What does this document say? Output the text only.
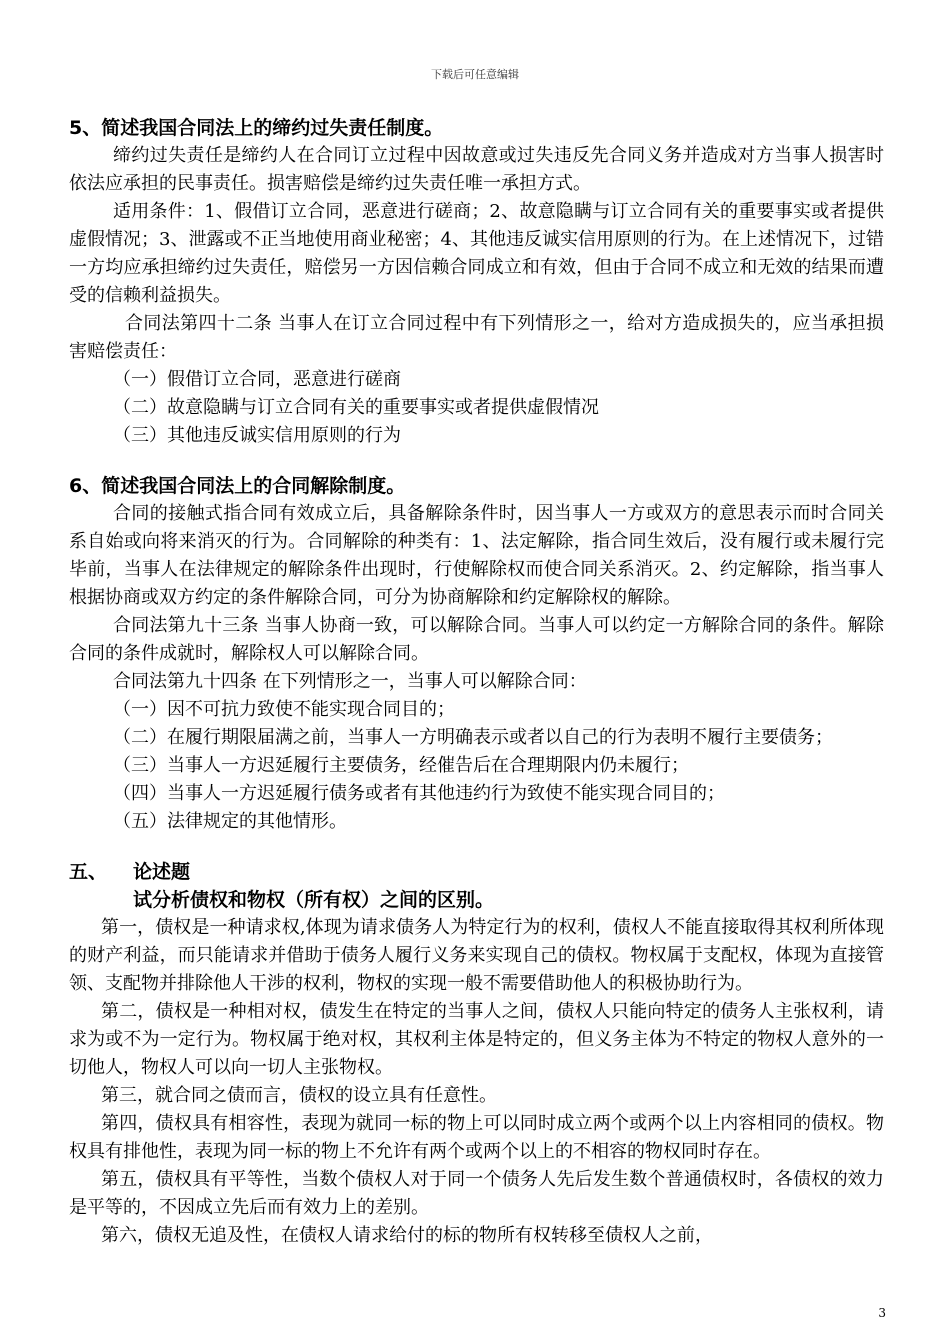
下载后可任意编辑
5、简述我国合同法上的缔约过失责任制度。

缔约过失责任是缔约人在合同订立过程中因故意或过失违反先合同义务并造成对方当事人损害时依法应承担的民事责任。损害赔偿是缔约过失责任唯一承担方式。

适用条件：1、假借订立合同，恶意进行磋商；2、故意隐瞒与订立合同有关的重要事实或者提供虚假情况；3、泄露或不正当地使用商业秘密；4、其他违反诚实信用原则的行为。在上述情况下，过错一方均应承担缔约过失责任，赔偿另一方因信赖合同成立和有效，但由于合同不成立和无效的结果而遭受的信赖利益损失。

合同法第四十二条 当事人在订立合同过程中有下列情形之一，给对方造成损失的，应当承担损害赔偿责任：

（一）假借订立合同，恶意进行磋商

（二）故意隐瞒与订立合同有关的重要事实或者提供虚假情况

（三）其他违反诚实信用原则的行为

6、简述我国合同法上的合同解除制度。

合同的接触式指合同有效成立后，具备解除条件时，因当事人一方或双方的意思表示而时合同关系自始或向将来消灭的行为。合同解除的种类有：1、法定解除，指合同生效后，没有履行或未履行完毕前，当事人在法律规定的解除条件出现时，行使解除权而使合同关系消灭。2、约定解除，指当事人根据协商或双方约定的条件解除合同，可分为协商解除和约定解除权的解除。

合同法第九十三条 当事人协商一致，可以解除合同。当事人可以约定一方解除合同的条件。解除合同的条件成就时，解除权人可以解除合同。

合同法第九十四条 在下列情形之一，当事人可以解除合同：

（一）因不可抗力致使不能实现合同目的；

（二）在履行期限届满之前，当事人一方明确表示或者以自己的行为表明不履行主要债务；

（三）当事人一方迟延履行主要债务，经催告后在合理期限内仍未履行；

（四）当事人一方迟延履行债务或者有其他违约行为致使不能实现合同目的；

（五）法律规定的其他情形。

五、 论述题
试分析债权和物权（所有权）之间的区别。

第一，债权是一种请求权,体现为请求债务人为特定行为的权利，债权人不能直接取得其权利所体现的财产利益，而只能请求并借助于债务人履行义务来实现自己的债权。物权属于支配权，体现为直接管领、支配物并排除他人干涉的权利，物权的实现一般不需要借助他人的积极协助行为。

第二，债权是一种相对权，债发生在特定的当事人之间，债权人只能向特定的债务人主张权利，请求为或不为一定行为。物权属于绝对权，其权利主体是特定的，但义务主体为不特定的物权人意外的一切他人，物权人可以向一切人主张物权。

第三，就合同之债而言，债权的设立具有任意性。

第四，债权具有相容性，表现为就同一标的物上可以同时成立两个或两个以上内容相同的债权。物权具有排他性，表现为同一标的物上不允许有两个或两个以上的不相容的物权同时存在。

第五，债权具有平等性，当数个债权人对于同一个债务人先后发生数个普通债权时，各债权的效力是平等的，不因成立先后而有效力上的差别。

第六，债权无追及性，在债权人请求给付的标的物所有权转移至债权人之前，

3
